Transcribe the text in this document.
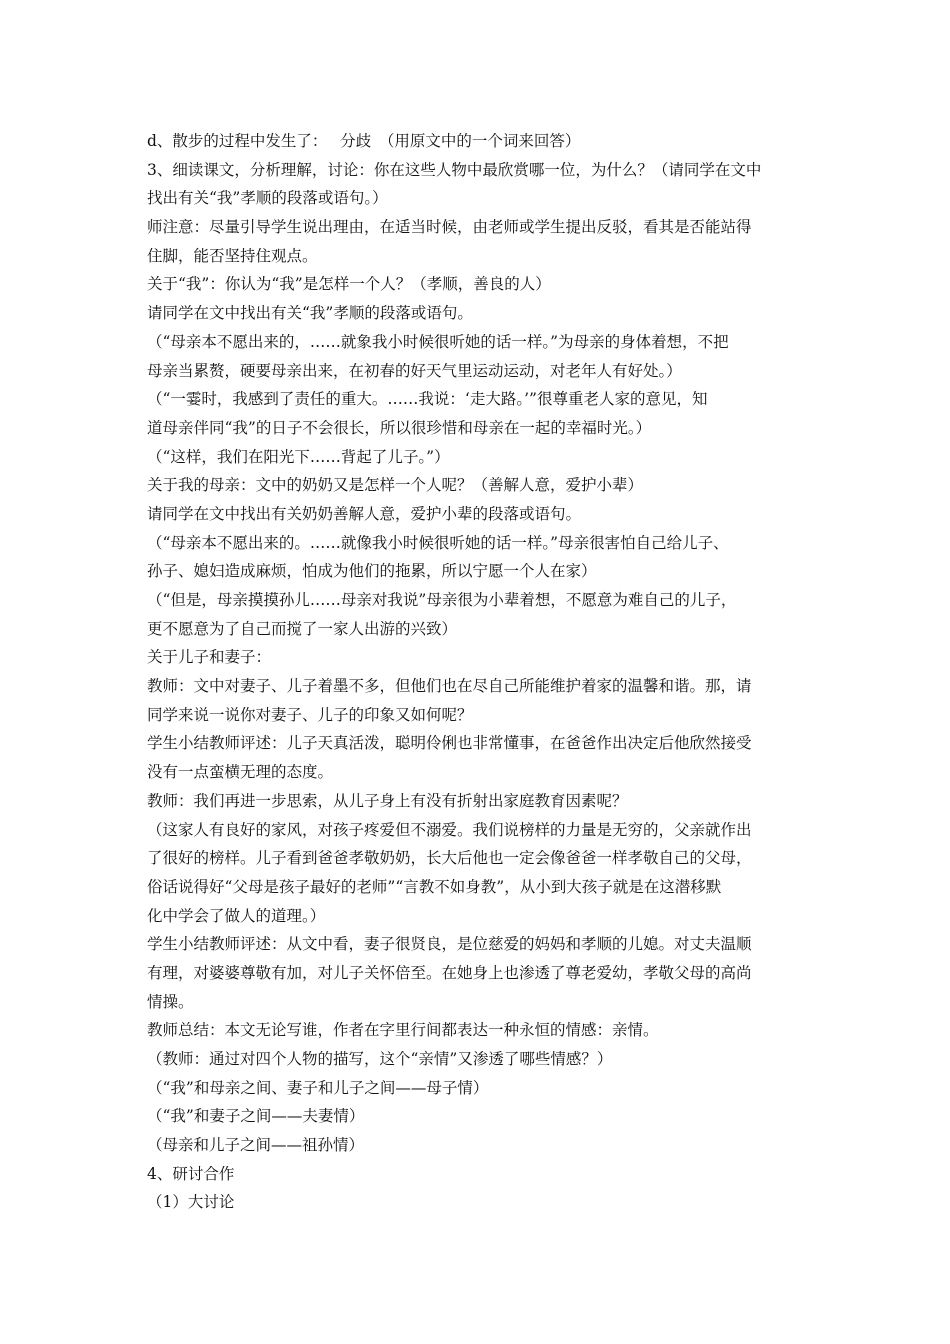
d、散步的过程中发生了：　 分歧　（用原文中的一个词来回答）
3、细读课文，分析理解，讨论：你在这些人物中最欣赏哪一位，为什么？（请同学在文中
找出有关“我”孝顺的段落或语句。）
师注意：尽量引导学生说出理由，在适当时候，由老师或学生提出反驳，看其是否能站得
住脚，能否坚持住观点。
关于“我”：你认为“我”是怎样一个人？（孝顺，善良的人）
请同学在文中找出有关“我”孝顺的段落或语句。
（“母亲本不愿出来的，……就象我小时候很听她的话一样。”为母亲的身体着想，不把
母亲当累赘，硬要母亲出来，在初春的好天气里运动运动，对老年人有好处。）
（“一霎时，我感到了责任的重大。……我说：‘走大路。’”很尊重老人家的意见，知
道母亲伴同“我”的日子不会很长，所以很珍惜和母亲在一起的幸福时光。）
（“这样，我们在阳光下……背起了儿子。”）
关于我的母亲：文中的奶奶又是怎样一个人呢？（善解人意，爱护小辈）
请同学在文中找出有关奶奶善解人意，爱护小辈的段落或语句。
（“母亲本不愿出来的。……就像我小时候很听她的话一样。”母亲很害怕自己给儿子、
孙子、媳妇造成麻烦，怕成为他们的拖累，所以宁愿一个人在家）
（“但是，母亲摸摸孙儿……母亲对我说”母亲很为小辈着想，不愿意为难自己的儿子，
更不愿意为了自己而搅了一家人出游的兴致）
关于儿子和妻子：
教师：文中对妻子、儿子着墨不多，但他们也在尽自己所能维护着家的温馨和谐。那，请
同学来说一说你对妻子、儿子的印象又如何呢？
学生小结教师评述：儿子天真活泼，聪明伶俐也非常懂事，在爸爸作出决定后他欣然接受
没有一点蛮横无理的态度。
教师：我们再进一步思索，从儿子身上有没有折射出家庭教育因素呢？
（这家人有良好的家风，对孩子疼爱但不溺爱。我们说榜样的力量是无穷的，父亲就作出
了很好的榜样。儿子看到爸爸孝敬奶奶，长大后他也一定会像爸爸一样孝敬自己的父母，
俗话说得好“父母是孩子最好的老师”“言教不如身教”，从小到大孩子就是在这潜移默
化中学会了做人的道理。）
学生小结教师评述：从文中看，妻子很贤良，是位慈爱的妈妈和孝顺的儿媳。对丈夫温顺
有理，对婆婆尊敬有加，对儿子关怀倍至。在她身上也渗透了尊老爱幼，孝敬父母的高尚
情操。
教师总结：本文无论写谁，作者在字里行间都表达一种永恒的情感：亲情。
（教师：通过对四个人物的描写，这个“亲情”又渗透了哪些情感？）
（“我”和母亲之间、妻子和儿子之间——母子情）
（“我”和妻子之间——夫妻情）
（母亲和儿子之间——祖孙情）
4、研讨合作
（1）大讨论
